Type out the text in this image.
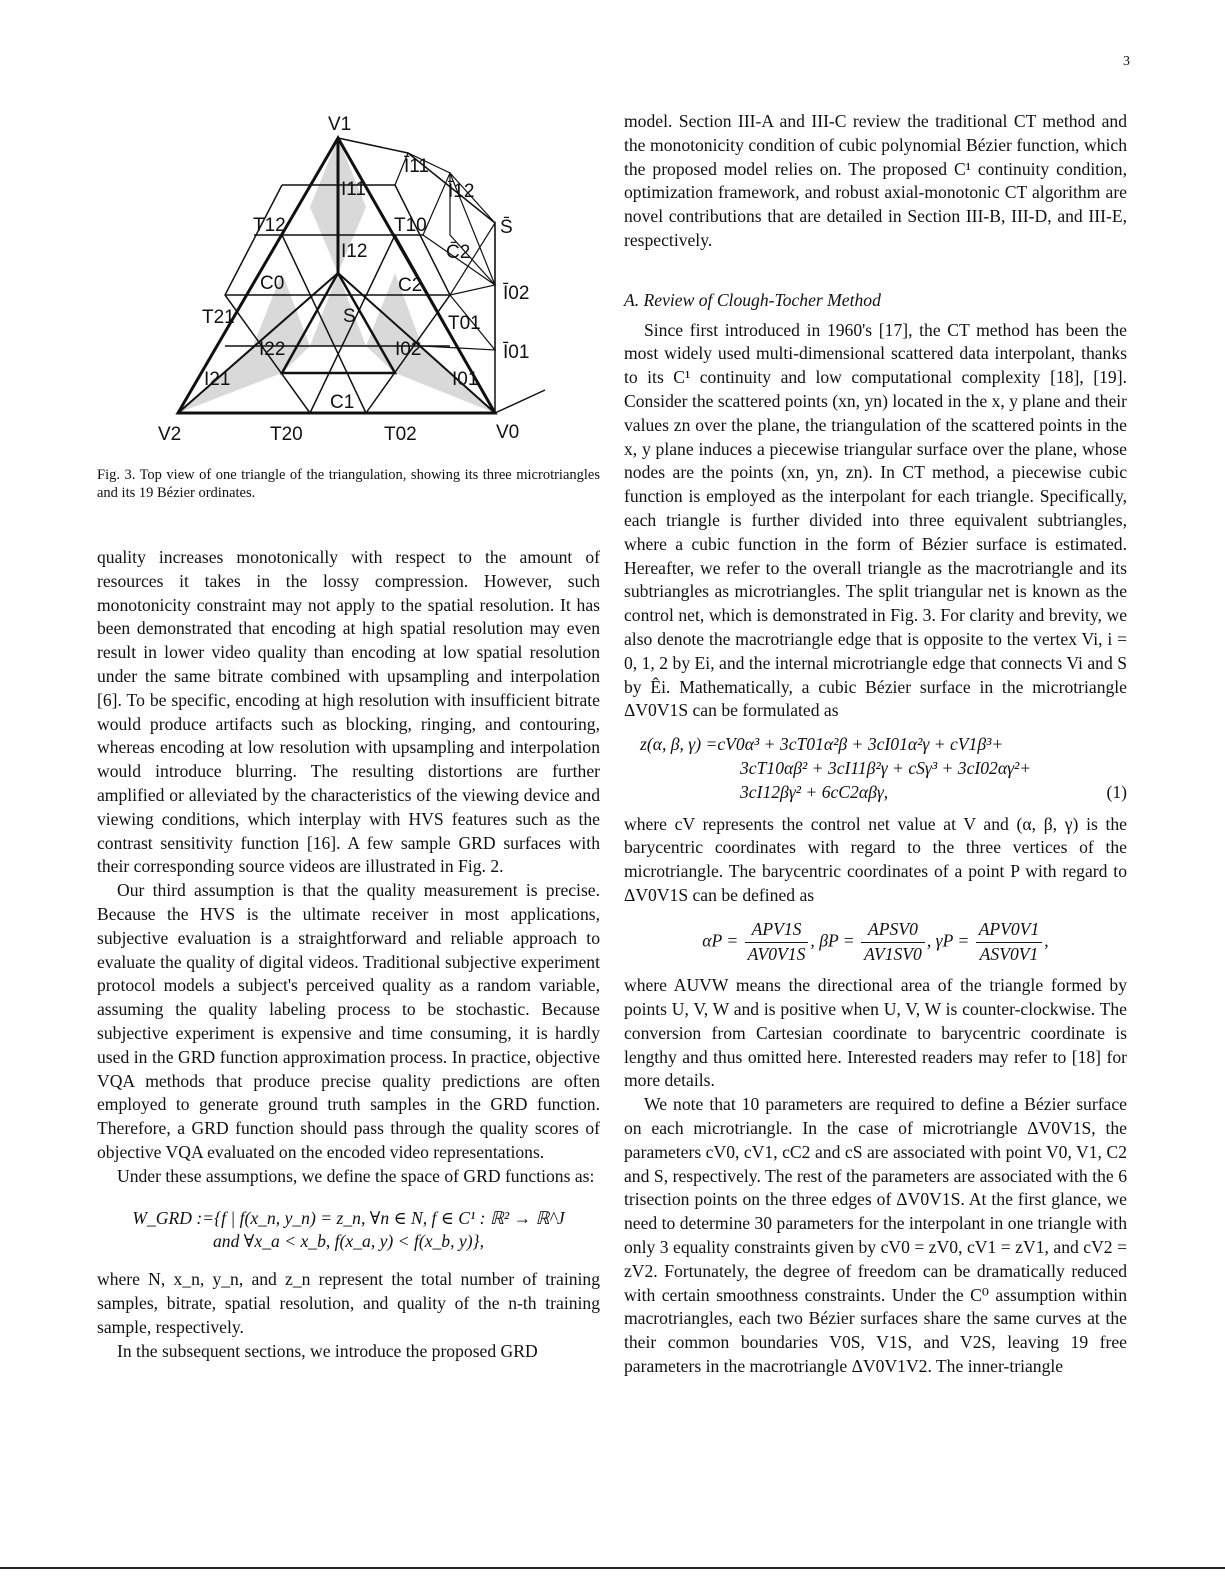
3
V1
V2	V0
I11
I12
T12	T10
C0	C2
S
T21
I22	I02
T01
I21	I01
C1
T20	T02
Ī11
Ī12
S̄
C̄2
Ī02
Ī01
Fig. 3. Top view of one triangle of the triangulation, showing its three microtriangles and its 19 Bézier ordinates.

quality increases monotonically with respect to the amount of resources it takes in the lossy compression. However, such monotonicity constraint may not apply to the spatial resolution. It has been demonstrated that encoding at high spatial resolution may even result in lower video quality than encoding at low spatial resolution under the same bitrate combined with upsampling and interpolation [6]. To be specific, encoding at high resolution with insufficient bitrate would produce artifacts such as blocking, ringing, and contouring, whereas encoding at low resolution with upsampling and interpolation would introduce blurring. The resulting distortions are further amplified or alleviated by the characteristics of the viewing device and viewing conditions, which interplay with HVS features such as the contrast sensitivity function [16]. A few sample GRD surfaces with their corresponding source videos are illustrated in Fig. 2.

Our third assumption is that the quality measurement is precise. Because the HVS is the ultimate receiver in most applications, subjective evaluation is a straightforward and reliable approach to evaluate the quality of digital videos. Traditional subjective experiment protocol models a subject's perceived quality as a random variable, assuming the quality labeling process to be stochastic. Because subjective experiment is expensive and time consuming, it is hardly used in the GRD function approximation process. In practice, objective VQA methods that produce precise quality predictions are often employed to generate ground truth samples in the GRD function. Therefore, a GRD function should pass through the quality scores of objective VQA evaluated on the encoded video representations.

Under these assumptions, we define the space of GRD functions as:

W_GRD :={f | f(x_n, y_n) = z_n, ∀n ∈ N, f ∈ C¹ : ℝ² → ℝ^J
and ∀x_a < x_b, f(x_a, y) < f(x_b, y)},

where N, x_n, y_n, and z_n represent the total number of training samples, bitrate, spatial resolution, and quality of the n-th training sample, respectively.

In the subsequent sections, we introduce the proposed GRD

model. Section III-A and III-C review the traditional CT method and the monotonicity condition of cubic polynomial Bézier function, which the proposed model relies on. The proposed C¹ continuity condition, optimization framework, and robust axial-monotonic CT algorithm are novel contributions that are detailed in Section III-B, III-D, and III-E, respectively.

A. Review of Clough-Tocher Method

Since first introduced in 1960's [17], the CT method has been the most widely used multi-dimensional scattered data interpolant, thanks to its C¹ continuity and low computational complexity [18], [19]. Consider the scattered points (xn, yn) located in the x, y plane and their values zn over the plane, the triangulation of the scattered points in the x, y plane induces a piecewise triangular surface over the plane, whose nodes are the points (xn, yn, zn). In CT method, a piecewise cubic function is employed as the interpolant for each triangle. Specifically, each triangle is further divided into three equivalent subtriangles, where a cubic function in the form of Bézier surface is estimated. Hereafter, we refer to the overall triangle as the macrotriangle and its subtriangles as microtriangles. The split triangular net is known as the control net, which is demonstrated in Fig. 3. For clarity and brevity, we also denote the macrotriangle edge that is opposite to the vertex Vi, i = 0, 1, 2 by Ei, and the internal microtriangle edge that connects Vi and S by Êi. Mathematically, a cubic Bézier surface in the microtriangle ΔV0V1S can be formulated as

z(α, β, γ) =cV0α³ + 3cT01α²β + 3cI01α²γ + cV1β³+
3cT10αβ² + 3cI11β²γ + cSγ³ + 3cI02αγ²+
3cI12βγ² + 6cC2αβγ,	(1)

where cV represents the control net value at V and (α, β, γ) is the barycentric coordinates with regard to the three vertices of the microtriangle. The barycentric coordinates of a point P with regard to ΔV0V1S can be defined as

$\alpha P = \frac{\text{APV1S}}{AV0V1S}$ , $\beta P = \frac{\text{APSV0}}{AV1SV0}$ , $\gamma P = \frac{\text{APV0V1}}{\text{ASV0V1}}$ ,

where AUVW means the directional area of the triangle formed by points U, V, W and is positive when U, V, W is counter-clockwise. The conversion from Cartesian coordinate to barycentric coordinate is lengthy and thus omitted here. Interested readers may refer to [18] for more details.

We note that 10 parameters are required to define a Bézier surface on each microtriangle. In the case of microtriangle ΔV0V1S, the parameters cV0, cV1, cC2 and cS are associated with point V0, V1, C2 and S, respectively. The rest of the parameters are associated with the 6 trisection points on the three edges of ΔV0V1S. At the first glance, we need to determine 30 parameters for the interpolant in one triangle with only 3 equality constraints given by cV0 = zV0, cV1 = zV1, and cV2 = zV2. Fortunately, the degree of freedom can be dramatically reduced with certain smoothness constraints. Under the C⁰ assumption within macrotriangles, each two Bézier surfaces share the same curves at the their common boundaries V0S, V1S, and V2S, leaving 19 free parameters in the macrotriangle ΔV0V1V2. The inner-triangle
